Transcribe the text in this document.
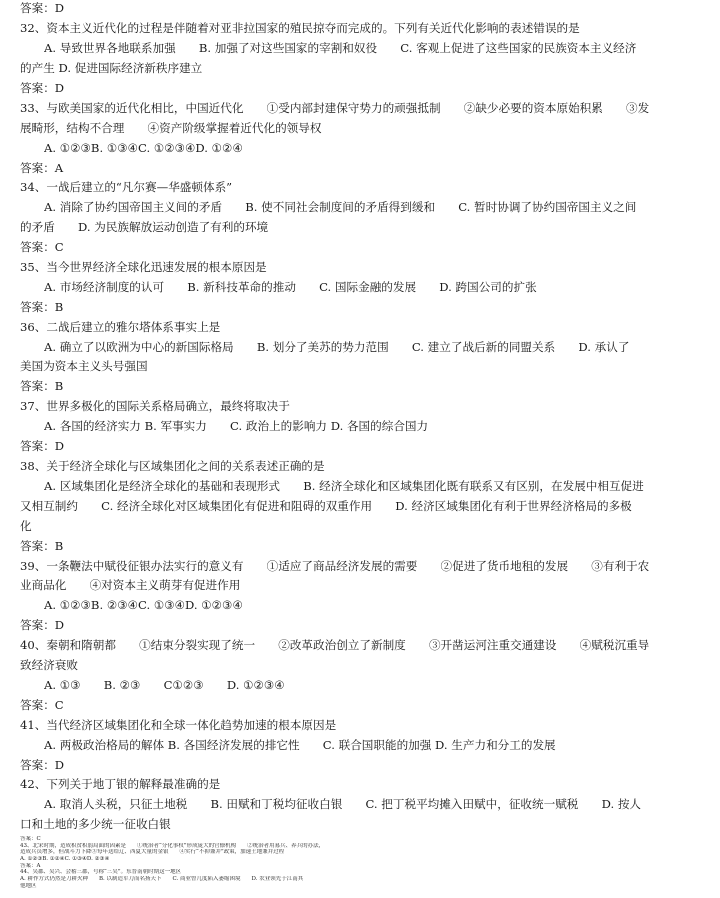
答案：D
32、资本主义近代化的过程是伴随着对亚非拉国家的殖民掠夺而完成的。下列有关近代化影响的表述错误的是
A. 导致世界各地联系加强　　B. 加强了对这些国家的宰割和奴役　　C. 客观上促进了这些国家的民族资本主义经济
的产生 D. 促进国际经济新秩序建立
答案：D
33、与欧美国家的近代化相比，中国近代化　　①受内部封建保守势力的顽强抵制　　②缺少必要的资本原始积累　　③发
展畸形，结构不合理　　④资产阶级掌握着近代化的领导权
A. ①②③B. ①③④C. ①②③④D. ①②④
答案：A
34、一战后建立的“凡尔赛—华盛顿体系”
A. 消除了协约国帝国主义间的矛盾　　B. 使不同社会制度间的矛盾得到缓和　　C. 暂时协调了协约国帝国主义之间
的矛盾　　D. 为民族解放运动创造了有利的环境
答案：C
35、当今世界经济全球化迅速发展的根本原因是
A. 市场经济制度的认可　　B. 新科技革命的推动　　C. 国际金融的发展　　D. 跨国公司的扩张
答案：B
36、二战后建立的雅尔塔体系事实上是
A. 确立了以欧洲为中心的新国际格局　　B. 划分了美苏的势力范围　　C. 建立了战后新的同盟关系　　D. 承认了
美国为资本主义头号强国
答案：B
37、世界多极化的国际关系格局确立，最终将取决于
A. 各国的经济实力 B. 军事实力　　C. 政治上的影响力 D. 各国的综合国力
答案：D
38、关于经济全球化与区域集团化之间的关系表述正确的是
A. 区域集团化是经济全球化的基础和表现形式　　B. 经济全球化和区域集团化既有联系又有区别，在发展中相互促进
又相互制约　　C. 经济全球化对区域集团化有促进和阻碍的双重作用　　D. 经济区域集团化有利于世界经济格局的多极
化
答案：B
39、一条鞭法中赋役征银办法实行的意义有　　①适应了商品经济发展的需要　　②促进了货币地租的发展　　③有利于农
业商品化　　④对资本主义萌芽有促进作用
A. ①②③B. ②③④C. ①③④D. ①②③④
答案：D
40、秦朝和隋朝都　　①结束分裂实现了统一　　②改革政治创立了新制度　　③开凿运河注重交通建设　　④赋税沉重导
致经济衰败
A. ①③　　B. ②③　　C①②③　　D. ①②③④
答案：C
41、当代经济区域集团化和全球一体化趋势加速的根本原因是
A. 两极政治格局的解体 B. 各国经济发展的排它性　　C. 联合国职能的加强 D. 生产力和分工的发展
答案：D
42、下列关于地丁银的解释最准确的是
A. 取消人头税，只征土地税　　B. 田赋和丁税均征收白银　　C. 把丁税平均摊入田赋中，征收统一赋税　　D. 按人
口和土地的多少统一征收白银
答案：C
43、北宋时期，造成积贫积弱局面的因素是　　①统治者“分化事权”形成庞大的官僚机构　　②统治者用募兵、养兵的办法，
造成兵员增多，但战斗力下降③每年送给辽、西夏大量的金银　　④实行“不抑兼并”政策，加速土地兼并过程
A. ①②③B. ①②④C. ①③④D. ②③④
答案：A
44、吴郡、吴兴、会稽三郡，号称“三吴”。东晋南朝时期这一地区
A. 耕作方式仍然是刀耕火种　　B. 以制造军刀而名扬天下　　C. 商业曾几度陷入萎缩困境　　D. 农业领先于江南其
他地区
